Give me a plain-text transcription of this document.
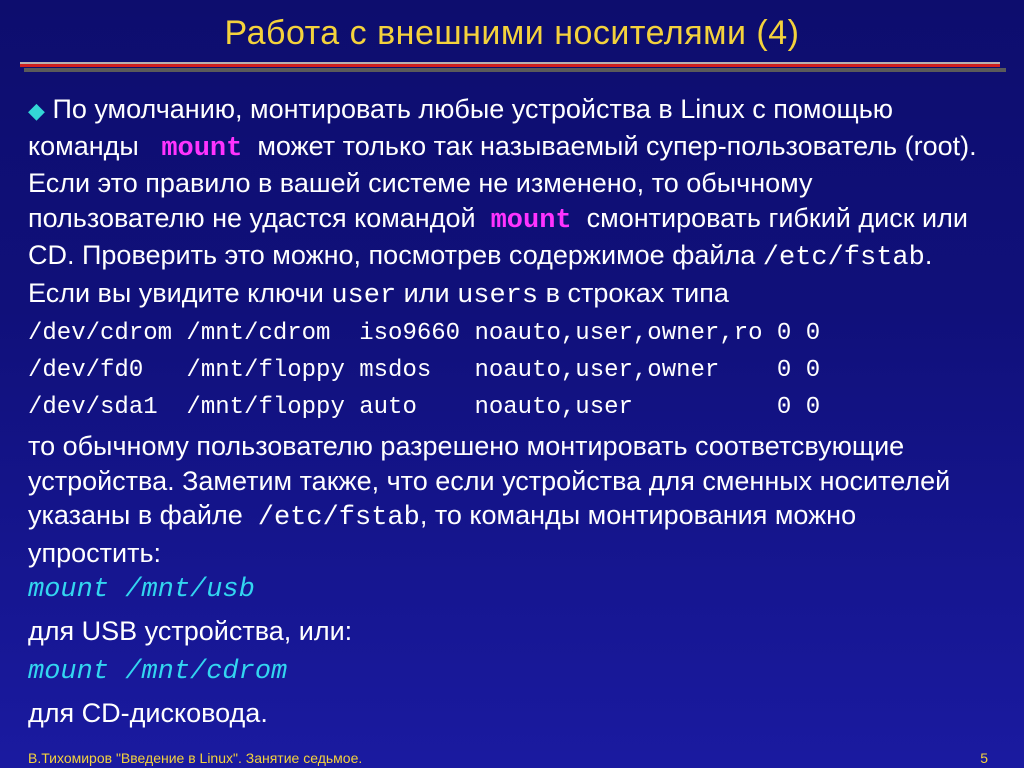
Работа с внешними носителями (4)

◆ По умолчанию, монтировать любые устройства в Linux с помощью команды mount может только так называемый супер-пользователь (root). Если это правило в вашей системе не изменено, то обычному пользователю не удастся командой mount смонтировать гибкий диск или CD. Проверить это можно, посмотрев содержимое файла /etc/fstab. Если вы увидите ключи user или users в строках типа

/dev/cdrom /mnt/cdrom  iso9660 noauto,user,owner,ro 0 0
/dev/fd0   /mnt/floppy msdos   noauto,user,owner    0 0
/dev/sda1  /mnt/floppy auto    noauto,user          0 0

то обычному пользователю разрешено монтировать соответсвующие устройства. Заметим также, что если устройства для сменных носителей указаны в файле /etc/fstab, то команды монтирования можно упростить:

mount /mnt/usb

для USB устройства, или:

mount /mnt/cdrom

для CD-дисковода.

В.Тихомиров "Введение в Linux". Занятие седьмое.	5
